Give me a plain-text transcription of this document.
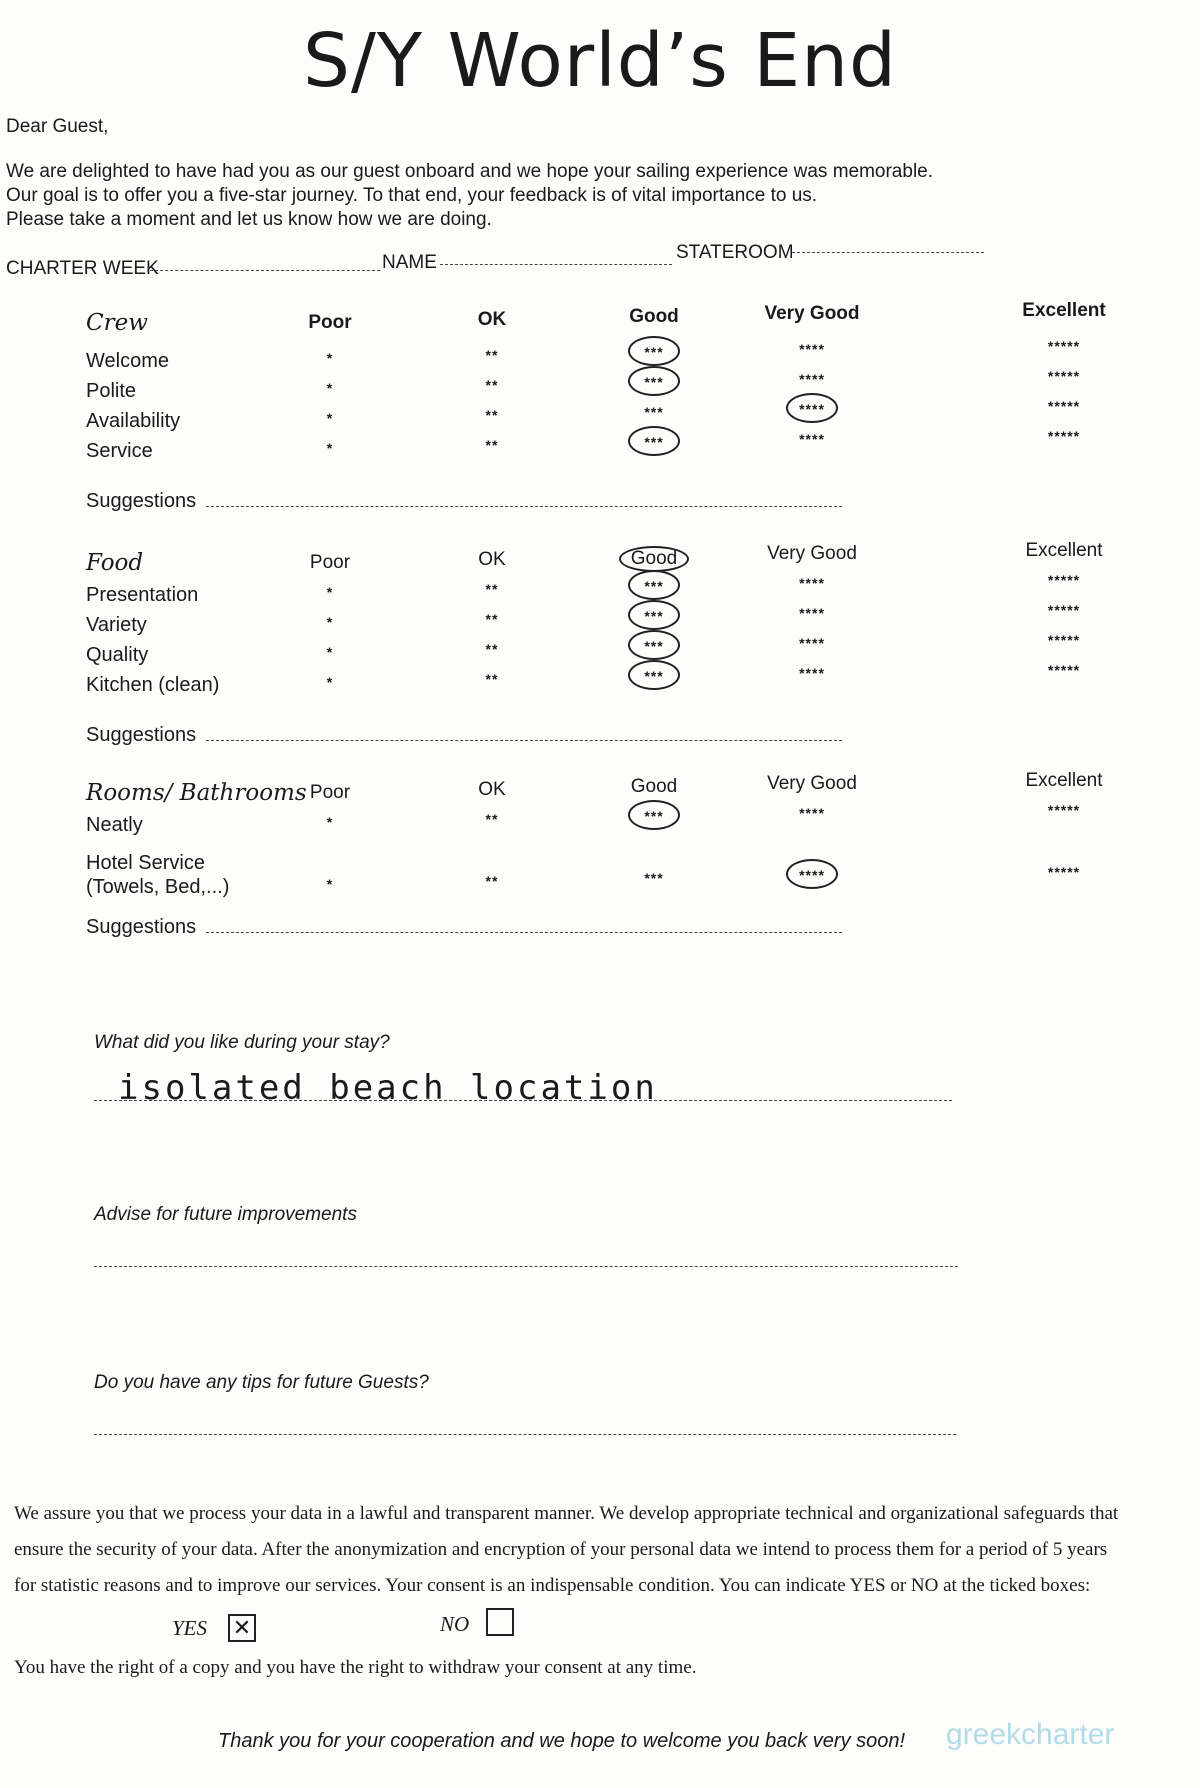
S/Y World’s End
Dear Guest,
We are delighted to have had you as our guest onboard and we hope your sailing experience was memorable.
Our goal is to offer you a five-star journey. To that end, your feedback is of vital importance to us.
Please take a moment and let us know how we are doing.
CHARTER WEEK	NAME	STATEROOM
Crew	Poor	OK	Good	Very Good	Excellent
Welcome	*	**	***	****	*****
Polite	*	**	***	****	*****
Availability	*	**	***	****	*****
Service	*	**	***	****	*****
Suggestions
Food	Poor	OK	Good	Very Good	Excellent
Presentation	*	**	***	****	*****
Variety	*	**	***	****	*****
Quality	*	**	***	****	*****
Kitchen (clean)	*	**	***	****	*****
Suggestions
Rooms/ Bathrooms Poor	OK	Good	Very Good	Excellent
Neatly	*	**	***	****	*****
Hotel Service
(Towels, Bed,...)	*	**	***	****	*****
Suggestions
What did you like during your stay?
isolated beach location
Advise for future improvements
Do you have any tips for future Guests?
We assure you that we process your data in a lawful and transparent manner. We develop appropriate technical and organizational safeguards that
ensure the security of your data. After the anonymization and encryption of your personal data we intend to process them for a period of 5 years
for statistic reasons and to improve our services. Your consent is an indispensable condition. You can indicate YES or NO at the ticked boxes:
YES ✕	NO
You have the right of a copy and you have the right to withdraw your consent at any time.
Thank you for your cooperation and we hope to welcome you back very soon! greekcharter
